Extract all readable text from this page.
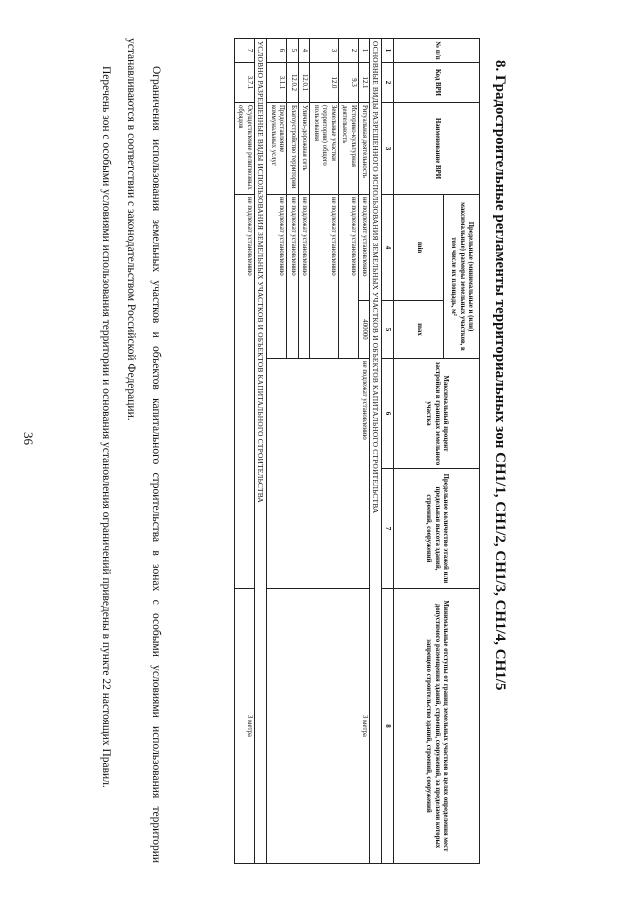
36	8. Градостроительные регламенты территориальных зон СН1/1, СН1/2, СН1/3, СН1/4, СН1/5
№ п/п	Код ВРИ	Наименование ВРИ	Предельные (минимальные и (или) максимальные) размеры земельных участков, в том числе их площадь, м²		Максимальный процент застройки в границах земельного участка	Предельное количество этажей или предельная высота зданий, строений, сооружений	Минимальные отступы от границ земельных участков в целях определения мест допустимого размещения зданий, строений, сооружений, за пределами которых запрещено строительство зданий, строений, сооружений
			min	max			
1	2	3	4	5	6	7	8
ОСНОВНЫЕ ВИДЫ РАЗРЕШЕННОГО ИСПОЛЬЗОВАНИЯ ЗЕМЕЛЬНЫХ УЧАСТКОВ И ОБЪЕКТОВ КАПИТАЛЬНОГО СТРОИТЕЛЬСТВА							
1	12.1	Ритуальная деятельность	не подлежит установлению	400000	не подлежат установлению		3 метра
2	9.3	Историко-культурная деятельность	не подлежат установлению				
3	12.0	Земельные участки (территории) общего пользования	не подлежат установлению				
4	12.0.1	Улично-дорожная сеть	не подлежат установлению				
5	12.0.2	Благоустройство территории	не подлежат установлению				
6	3.1.1	Предоставление коммунальных услуг	не подлежат установлению				
УСЛОВНО РАЗРЕШЕННЫЕ ВИДЫ ИСПОЛЬЗОВАНИЯ ЗЕМЕЛЬНЫХ УЧАСТКОВ И ОБЪЕКТОВ КАПИТАЛЬНОГО СТРОИТЕЛЬСТВА							
7	3.7.1	Осуществление религиозных обрядов	не подлежат установлению				3 метра

Ограничения использования земельных участков и объектов капитального строительства в зонах с особыми условиями использования территории устанавливаются в соответствии с законодательством Российской Федерации.

Перечень зон с особыми условиями использования территории и основания установления ограничений приведены в пункте 22 настоящих Правил.
